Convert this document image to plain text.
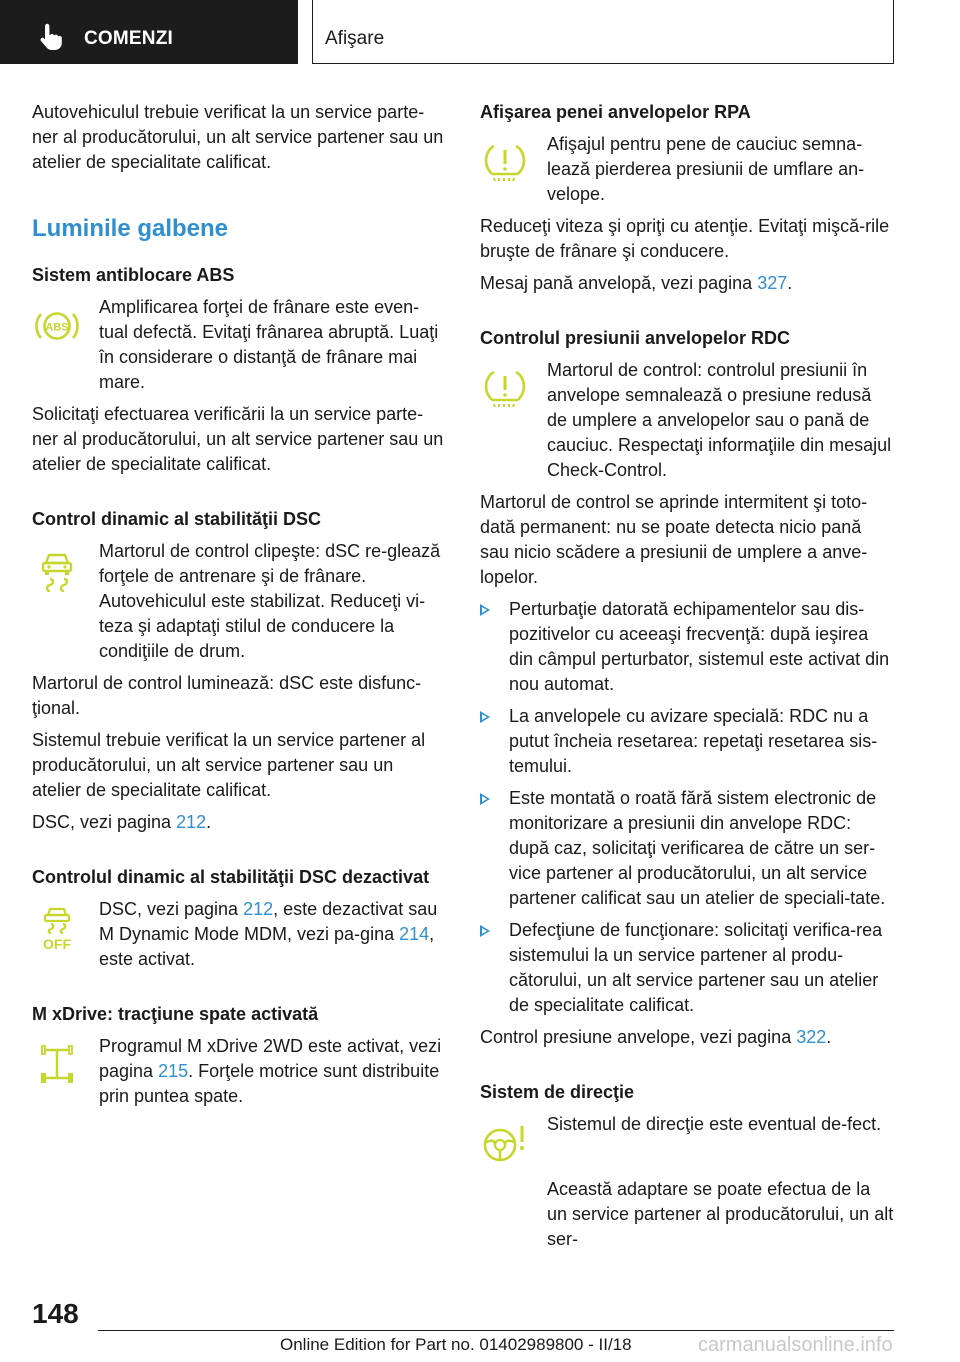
COMENZI	Afişare

Autovehiculul trebuie verificat la un service parte‐ner al producătorului, un alt service partener sau un atelier de specialitate calificat.

Luminile galbene
Sistem antiblocare ABS
ABS
Amplificarea forţei de frânare este even‐tual defectă. Evitaţi frânarea abruptă. Luaţi în considerare o distanţă de frânare mai mare.

Solicitaţi efectuarea verificării la un service parte‐ner al producătorului, un alt service partener sau un atelier de specialitate calificat.

Control dinamic al stabilităţii DSC
Martorul de control clipeşte: dSC re‐glează forţele de antrenare şi de frânare. Autovehiculul este stabilizat. Reduceţi vi‐teza şi adaptaţi stilul de conducere la condiţiile de drum.

Martorul de control luminează: dSC este disfunc‐ţional.

Sistemul trebuie verificat la un service partener al producătorului, un alt service partener sau un atelier de specialitate calificat.

DSC, vezi pagina 212.

Controlul dinamic al stabilităţii DSC dezactivat
OFF
DSC, vezi pagina 212, este dezactivat sau M Dynamic Mode MDM, vezi pa‐gina 214, este activat.
M xDrive: tracţiune spate activată
Programul M xDrive 2WD este activat, vezi pagina 215. Forţele motrice sunt distribuite prin puntea spate.
Afişarea penei anvelopelor RPA
Afişajul pentru pene de cauciuc semna‐lează pierderea presiunii de umflare an‐velope.

Reduceţi viteza şi opriţi cu atenţie. Evitaţi mişcă‐rile bruşte de frânare şi conducere.

Mesaj pană anvelopă, vezi pagina 327.

Controlul presiunii anvelopelor RDC
Martorul de control: controlul presiunii în anvelope semnalează o presiune redusă de umplere a anvelopelor sau o pană de cauciuc. Respectaţi informaţiile din mesajul Check-Control.

Martorul de control se aprinde intermitent şi toto‐dată permanent: nu se poate detecta nicio pană sau nicio scădere a presiunii de umplere a anve‐lopelor.

Perturbaţie datorată echipamentelor sau dis‐pozitivelor cu aceeaşi frecvenţă: după ieşirea din câmpul perturbator, sistemul este activat din nou automat.
La anvelopele cu avizare specială: RDC nu a putut încheia resetarea: repetaţi resetarea sis‐temului.
Este montată o roată fără sistem electronic de monitorizare a presiunii din anvelope RDC: după caz, solicitaţi verificarea de către un ser‐vice partener al producătorului, un alt service partener calificat sau un atelier de speciali‐tate.
Defecţiune de funcţionare: solicitaţi verifica‐rea sistemului la un service partener al produ‐cătorului, un alt service partener sau un atelier de specialitate calificat.

Control presiune anvelope, vezi pagina 322.

Sistem de direcţie
Sistemul de direcţie este eventual de‐fect.

Această adaptare se poate efectua de la un service partener al producătorului, un alt ser‐

148
Online Edition for Part no. 01402989800 - II/18	carmanualsonline.info
